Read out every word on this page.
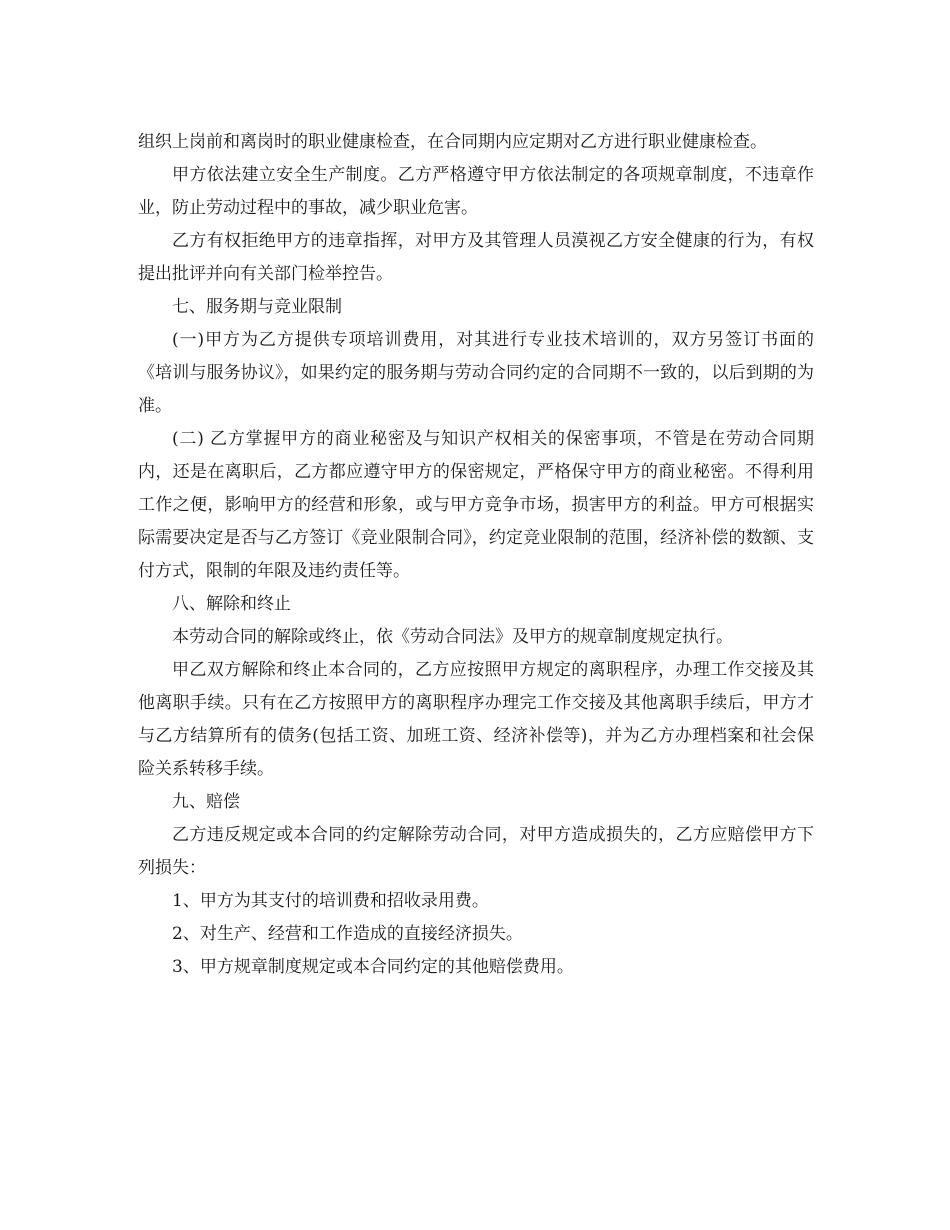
组织上岗前和离岗时的职业健康检查，在合同期内应定期对乙方进行职业健康检查。

甲方依法建立安全生产制度。乙方严格遵守甲方依法制定的各项规章制度，不违章作业，防止劳动过程中的事故，减少职业危害。

乙方有权拒绝甲方的违章指挥，对甲方及其管理人员漠视乙方安全健康的行为，有权提出批评并向有关部门检举控告。

七、服务期与竞业限制

(一)甲方为乙方提供专项培训费用，对其进行专业技术培训的，双方另签订书面的《培训与服务协议》，如果约定的服务期与劳动合同约定的合同期不一致的，以后到期的为准。

(二) 乙方掌握甲方的商业秘密及与知识产权相关的保密事项，不管是在劳动合同期内，还是在离职后，乙方都应遵守甲方的保密规定，严格保守甲方的商业秘密。不得利用工作之便，影响甲方的经营和形象，或与甲方竞争市场，损害甲方的利益。甲方可根据实际需要决定是否与乙方签订《竞业限制合同》，约定竞业限制的范围，经济补偿的数额、支付方式，限制的年限及违约责任等。

八、解除和终止

本劳动合同的解除或终止，依《劳动合同法》及甲方的规章制度规定执行。

甲乙双方解除和终止本合同的，乙方应按照甲方规定的离职程序，办理工作交接及其他离职手续。只有在乙方按照甲方的离职程序办理完工作交接及其他离职手续后，甲方才与乙方结算所有的债务(包括工资、加班工资、经济补偿等)，并为乙方办理档案和社会保险关系转移手续。

九、赔偿

乙方违反规定或本合同的约定解除劳动合同，对甲方造成损失的，乙方应赔偿甲方下列损失：

1、甲方为其支付的培训费和招收录用费。

2、对生产、经营和工作造成的直接经济损失。

3、甲方规章制度规定或本合同约定的其他赔偿费用。
